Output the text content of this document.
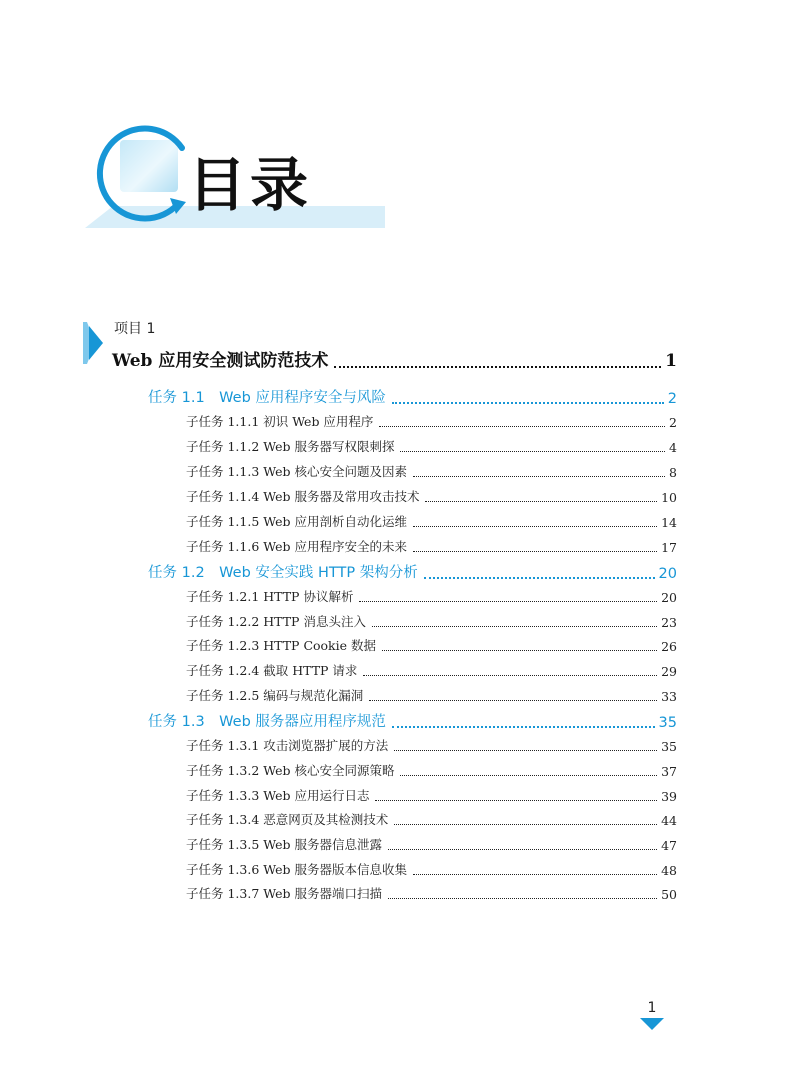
目录
项目 1
Web 应用安全测试防范技术	1
任务 1.1　Web 应用程序安全与风险	2
子任务 1.1.1 初识 Web 应用程序	2
子任务 1.1.2 Web 服务器写权限刺探	4
子任务 1.1.3 Web 核心安全问题及因素	8
子任务 1.1.4 Web 服务器及常用攻击技术	10
子任务 1.1.5 Web 应用剖析自动化运维	14
子任务 1.1.6 Web 应用程序安全的未来	17
任务 1.2　Web 安全实践 HTTP 架构分析	20
子任务 1.2.1 HTTP 协议解析	20
子任务 1.2.2 HTTP 消息头注入	23
子任务 1.2.3 HTTP Cookie 数据	26
子任务 1.2.4 截取 HTTP 请求	29
子任务 1.2.5 编码与规范化漏洞	33
任务 1.3　Web 服务器应用程序规范	35
子任务 1.3.1 攻击浏览器扩展的方法	35
子任务 1.3.2 Web 核心安全同源策略	37
子任务 1.3.3 Web 应用运行日志	39
子任务 1.3.4 恶意网页及其检测技术	44
子任务 1.3.5 Web 服务器信息泄露	47
子任务 1.3.6 Web 服务器版本信息收集	48
子任务 1.3.7 Web 服务器端口扫描	50
1
